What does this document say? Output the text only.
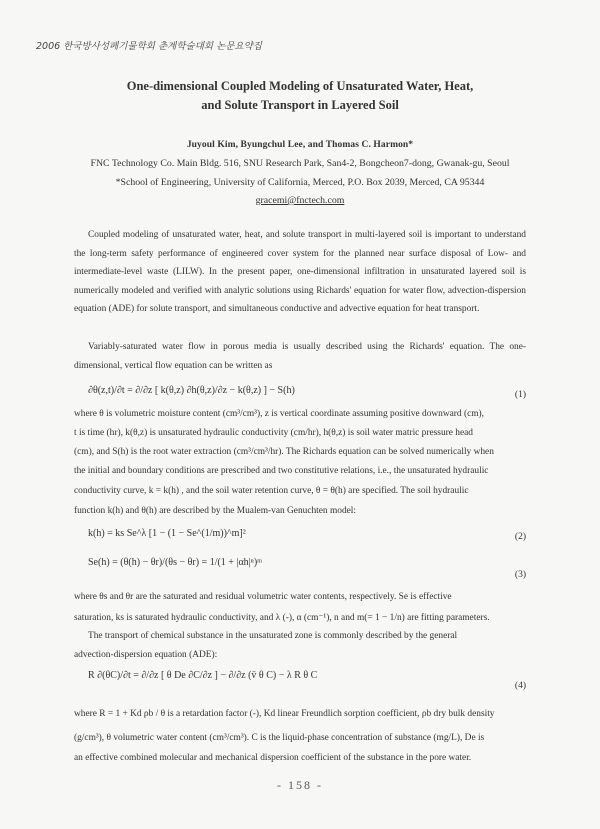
2006 한국방사성폐기물학회 춘계학술대회 논문요약집
One-dimensional Coupled Modeling of Unsaturated Water, Heat,
and Solute Transport in Layered Soil
Juyoul Kim, Byungchul Lee, and Thomas C. Harmon*
FNC Technology Co. Main Bldg. 516, SNU Research Park, San4-2, Bongcheon7-dong, Gwanak-gu, Seoul
*School of Engineering, University of California, Merced, P.O. Box 2039, Merced, CA 95344
gracemi@fnctech.com
Coupled modeling of unsaturated water, heat, and solute transport in multi-layered soil is important to understand the long-term safety performance of engineered cover system for the planned near surface disposal of Low- and intermediate-level waste (LILW). In the present paper, one-dimensional infiltration in unsaturated layered soil is numerically modeled and verified with analytic solutions using Richards' equation for water flow, advection-dispersion equation (ADE) for solute transport, and simultaneous conductive and advective equation for heat transport.
Variably-saturated water flow in porous media is usually described using the Richards' equation. The one-dimensional, vertical flow equation can be written as
∂θ(z,t)/∂t = ∂/∂z [ k(θ,z) ∂h(θ,z)/∂z − k(θ,z) ] − S(h)	(1)
where θ is volumetric moisture content (cm³/cm³), z is vertical coordinate assuming positive downward (cm),
t is time (hr), k(θ,z) is unsaturated hydraulic conductivity (cm/hr), h(θ,z) is soil water matric pressure head
(cm), and S(h) is the root water extraction (cm³/cm³/hr). The Richards equation can be solved numerically when
the initial and boundary conditions are prescribed and two constitutive relations, i.e., the unsaturated hydraulic
conductivity curve, k = k(h) , and the soil water retention curve, θ = θ(h) are specified. The soil hydraulic
function k(h) and θ(h) are described by the Mualem-van Genuchten model:
k(h) = ks Se^λ [1 − (1 − Se^(1/m))^m]²	(2)
Se(h) = (θ(h) − θr)/(θs − θr) = 1/(1 + |αh|ⁿ)ᵐ
(3)
where θs and θr are the saturated and residual volumetric water contents, respectively. Se is effective
saturation, ks is saturated hydraulic conductivity, and λ (-), α (cm⁻¹), n and m(= 1 − 1/n) are fitting parameters.
The transport of chemical substance in the unsaturated zone is commonly described by the general
advection-dispersion equation (ADE):
R ∂(θC)/∂t = ∂/∂z [ θ De ∂C/∂z ] − ∂/∂z (v̄ θ C) − λ R θ C
(4)
where R = 1 + Kd ρb / θ is a retardation factor (-), Kd linear Freundlich sorption coefficient, ρb dry bulk density
(g/cm³), θ volumetric water content (cm³/cm³). C is the liquid-phase concentration of substance (mg/L), De is
an effective combined molecular and mechanical dispersion coefficient of the substance in the pore water.
- 158 -
